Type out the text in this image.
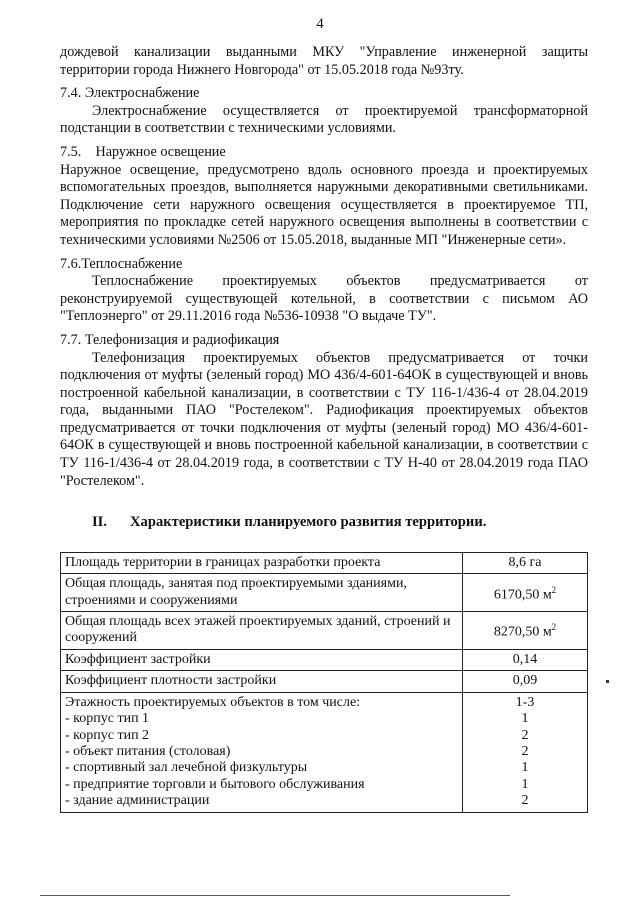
4

дождевой канализации выданными МКУ "Управление инженерной защиты территории города Нижнего Новгорода" от 15.05.2018 года №93ту.

7.4. Электроснабжение

Электроснабжение осуществляется от проектируемой трансформаторной подстанции в соответствии с техническими условиями.

7.5. Наружное освещение

Наружное освещение, предусмотрено вдоль основного проезда и проектируемых вспомогательных проездов, выполняется наружными декоративными светильниками. Подключение сети наружного освещения осуществляется в проектируемое ТП, мероприятия по прокладке сетей наружного освещения выполнены в соответствии с техническими условиями №2506 от 15.05.2018, выданные МП "Инженерные сети».

7.6.Теплоснабжение

Теплоснабжение проектируемых объектов предусматривается от реконструируемой существующей котельной, в соответствии с письмом АО "Теплоэнерго" от 29.11.2016 года №536-10938 "О выдаче ТУ".

7.7. Телефонизация и радиофикация

Телефонизация проектируемых объектов предусматривается от точки подключения от муфты (зеленый город) МО 436/4-601-64ОК в существующей и вновь построенной кабельной канализации, в соответствии с ТУ 116-1/436-4 от 28.04.2019 года, выданными ПАО "Ростелеком". Радиофикация проектируемых объектов предусматривается от точки подключения от муфты (зеленый город) МО 436/4-601-64ОК в существующей и вновь построенной кабельной канализации, в соответствии с ТУ 116-1/436-4 от 28.04.2019 года, в соответствии с ТУ Н-40 от 28.04.2019 года ПАО "Ростелеком".

II.	Характеристики планируемого развития территории.
Площадь территории в границах разработки проекта	8,6 га
Общая площадь, занятая под проектируемыми зданиями, строениями и сооружениями	6170,50 $м^2$
Общая площадь всех этажей проектируемых зданий, строений и сооружений	8270,50 $м^2$
Коэффициент застройки	0,14
Коэффициент плотности застройки	0,09
Этажность проектируемых объектов в том числе:	1-3
- корпус тип 1	1
- корпус тип 2	2
- объект питания (столовая)	2
- спортивный зал лечебной физкультуры	1
- предприятие торговли и бытового обслуживания	1
- здание администрации	2
